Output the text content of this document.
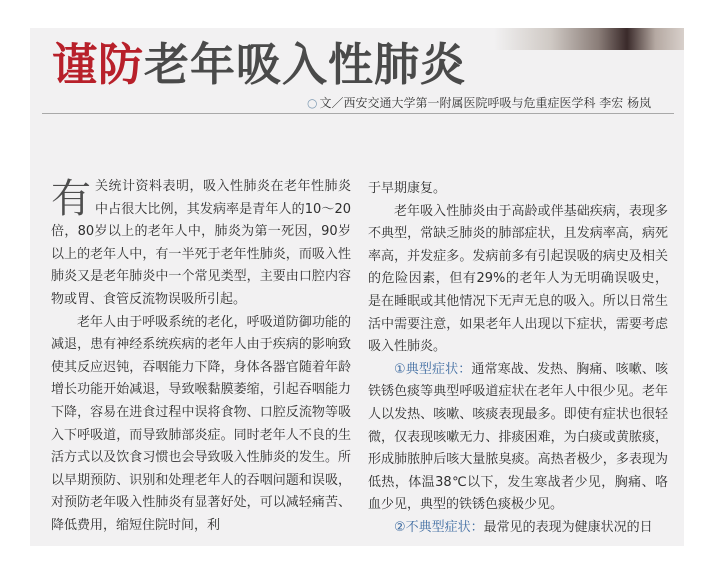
谨防老年吸入性肺炎
○ 文／西安交通大学第一附属医院呼吸与危重症医学科 李宏 杨岚

有关统计资料表明，吸入性肺炎在老年性肺炎中占很大比例，其发病率是青年人的10～20倍，80岁以上的老年人中，肺炎为第一死因，90岁以上的老年人中，有一半死于老年性肺炎，而吸入性肺炎又是老年肺炎中一个常见类型，主要由口腔内容物或胃、食管反流物误吸所引起。

老年人由于呼吸系统的老化，呼吸道防御功能的减退，患有神经系统疾病的老年人由于疾病的影响致使其反应迟钝，吞咽能力下降，身体各器官随着年龄增长功能开始减退，导致喉黏膜萎缩，引起吞咽能力下降，容易在进食过程中误将食物、口腔反流物等吸入下呼吸道，而导致肺部炎症。同时老年人不良的生活方式以及饮食习惯也会导致吸入性肺炎的发生。所以早期预防、识别和处理老年人的吞咽问题和误吸，对预防老年吸入性肺炎有显著好处，可以减轻痛苦、降低费用，缩短住院时间，利

于早期康复。

老年吸入性肺炎由于高龄或伴基础疾病，表现多不典型，常缺乏肺炎的肺部症状，且发病率高，病死率高，并发症多。发病前多有引起误吸的病史及相关的危险因素，但有29%的老年人为无明确误吸史，是在睡眠或其他情况下无声无息的吸入。所以日常生活中需要注意，如果老年人出现以下症状，需要考虑吸入性肺炎。

①典型症状：通常寒战、发热、胸痛、咳嗽、咳铁锈色痰等典型呼吸道症状在老年人中很少见。老年人以发热、咳嗽、咳痰表现最多。即使有症状也很轻微，仅表现咳嗽无力、排痰困难，为白痰或黄脓痰，形成肺脓肿后咳大量脓臭痰。高热者极少，多表现为低热，体温38℃以下，发生寒战者少见，胸痛、咯血少见，典型的铁锈色痰极少见。

②不典型症状：最常见的表现为健康状况的日
